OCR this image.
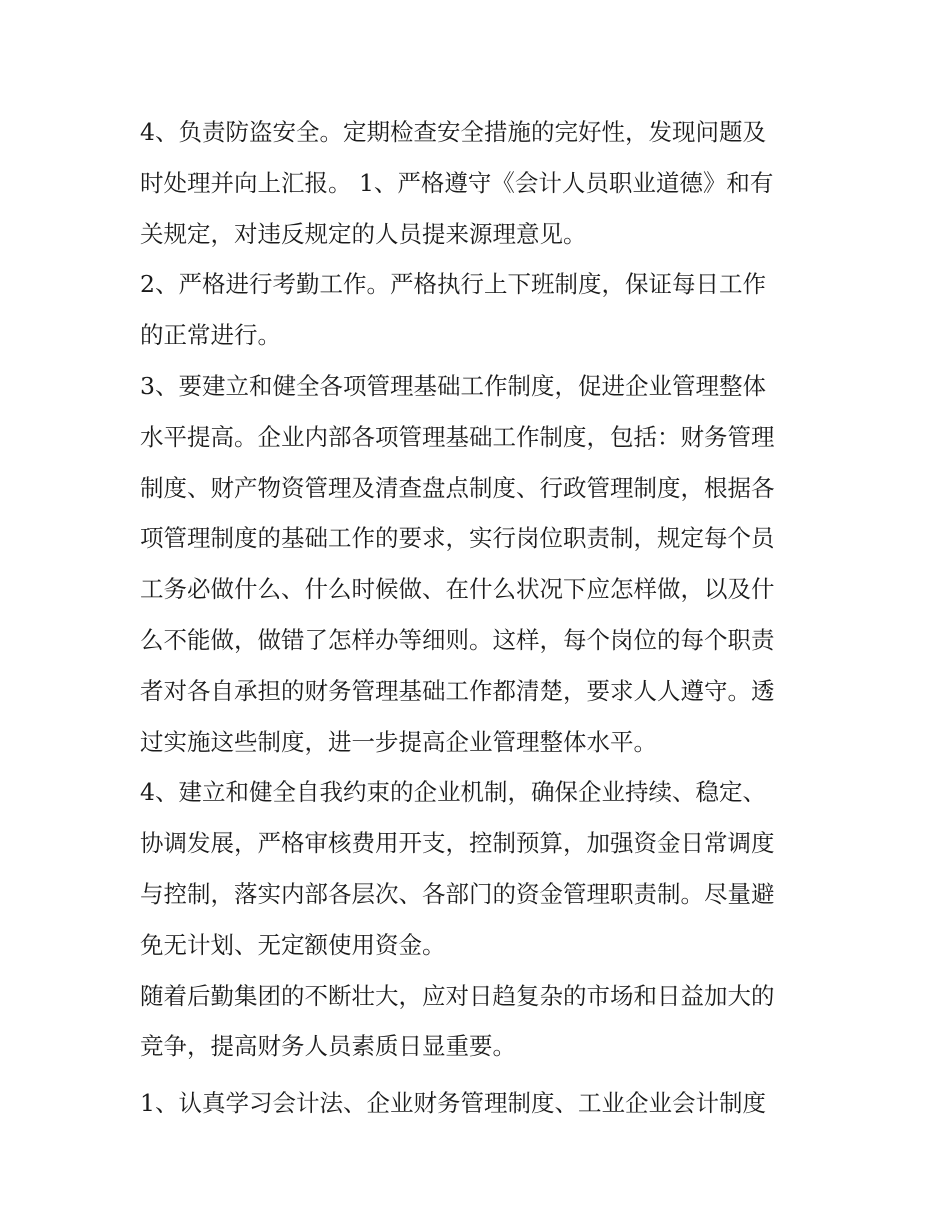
4、负责防盗安全。定期检查安全措施的完好性，发现问题及
时处理并向上汇报。 1、严格遵守《会计人员职业道德》和有
关规定，对违反规定的人员提来源理意见。
2、严格进行考勤工作。严格执行上下班制度，保证每日工作
的正常进行。
3、要建立和健全各项管理基础工作制度，促进企业管理整体
水平提高。企业内部各项管理基础工作制度，包括：财务管理
制度、财产物资管理及清查盘点制度、行政管理制度，根据各
项管理制度的基础工作的要求，实行岗位职责制，规定每个员
工务必做什么、什么时候做、在什么状况下应怎样做，以及什
么不能做，做错了怎样办等细则。这样，每个岗位的每个职责
者对各自承担的财务管理基础工作都清楚，要求人人遵守。透
过实施这些制度，进一步提高企业管理整体水平。
4、建立和健全自我约束的企业机制，确保企业持续、稳定、
协调发展，严格审核费用开支，控制预算，加强资金日常调度
与控制，落实内部各层次、各部门的资金管理职责制。尽量避
免无计划、无定额使用资金。
随着后勤集团的不断壮大，应对日趋复杂的市场和日益加大的
竞争，提高财务人员素质日显重要。
1、认真学习会计法、企业财务管理制度、工业企业会计制度
